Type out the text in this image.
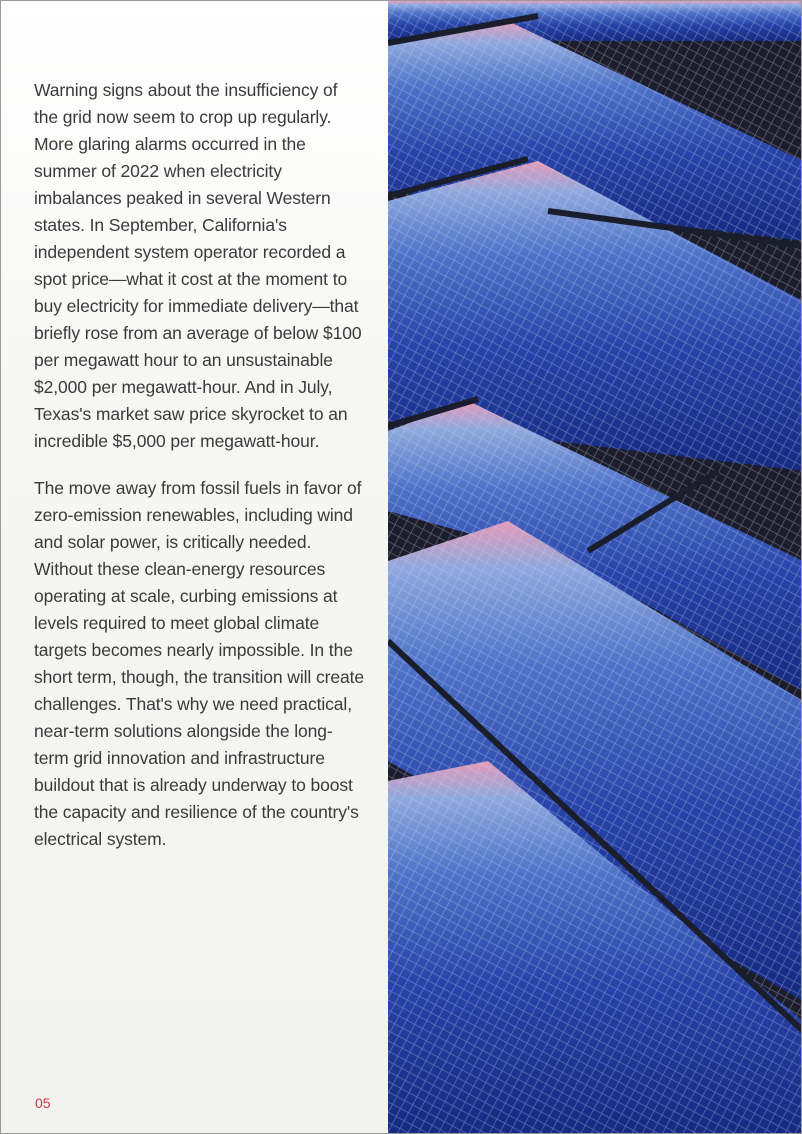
Warning signs about the insufficiency of the grid now seem to crop up regularly. More glaring alarms occurred in the summer of 2022 when electricity imbalances peaked in several Western states. In September, California's independent system operator recorded a spot price—what it cost at the moment to buy electricity for immediate delivery—that briefly rose from an average of below $100 per megawatt hour to an unsustainable $2,000 per megawatt-hour. And in July, Texas's market saw price skyrocket to an incredible $5,000 per megawatt-hour.

The move away from fossil fuels in favor of zero-emission renewables, including wind and solar power, is critically needed. Without these clean-energy resources operating at scale, curbing emissions at levels required to meet global climate targets becomes nearly impossible. In the short term, though, the transition will create challenges. That's why we need practical, near-term solutions alongside the long-term grid innovation and infrastructure buildout that is already underway to boost the capacity and resilience of the country's electrical system.

05
